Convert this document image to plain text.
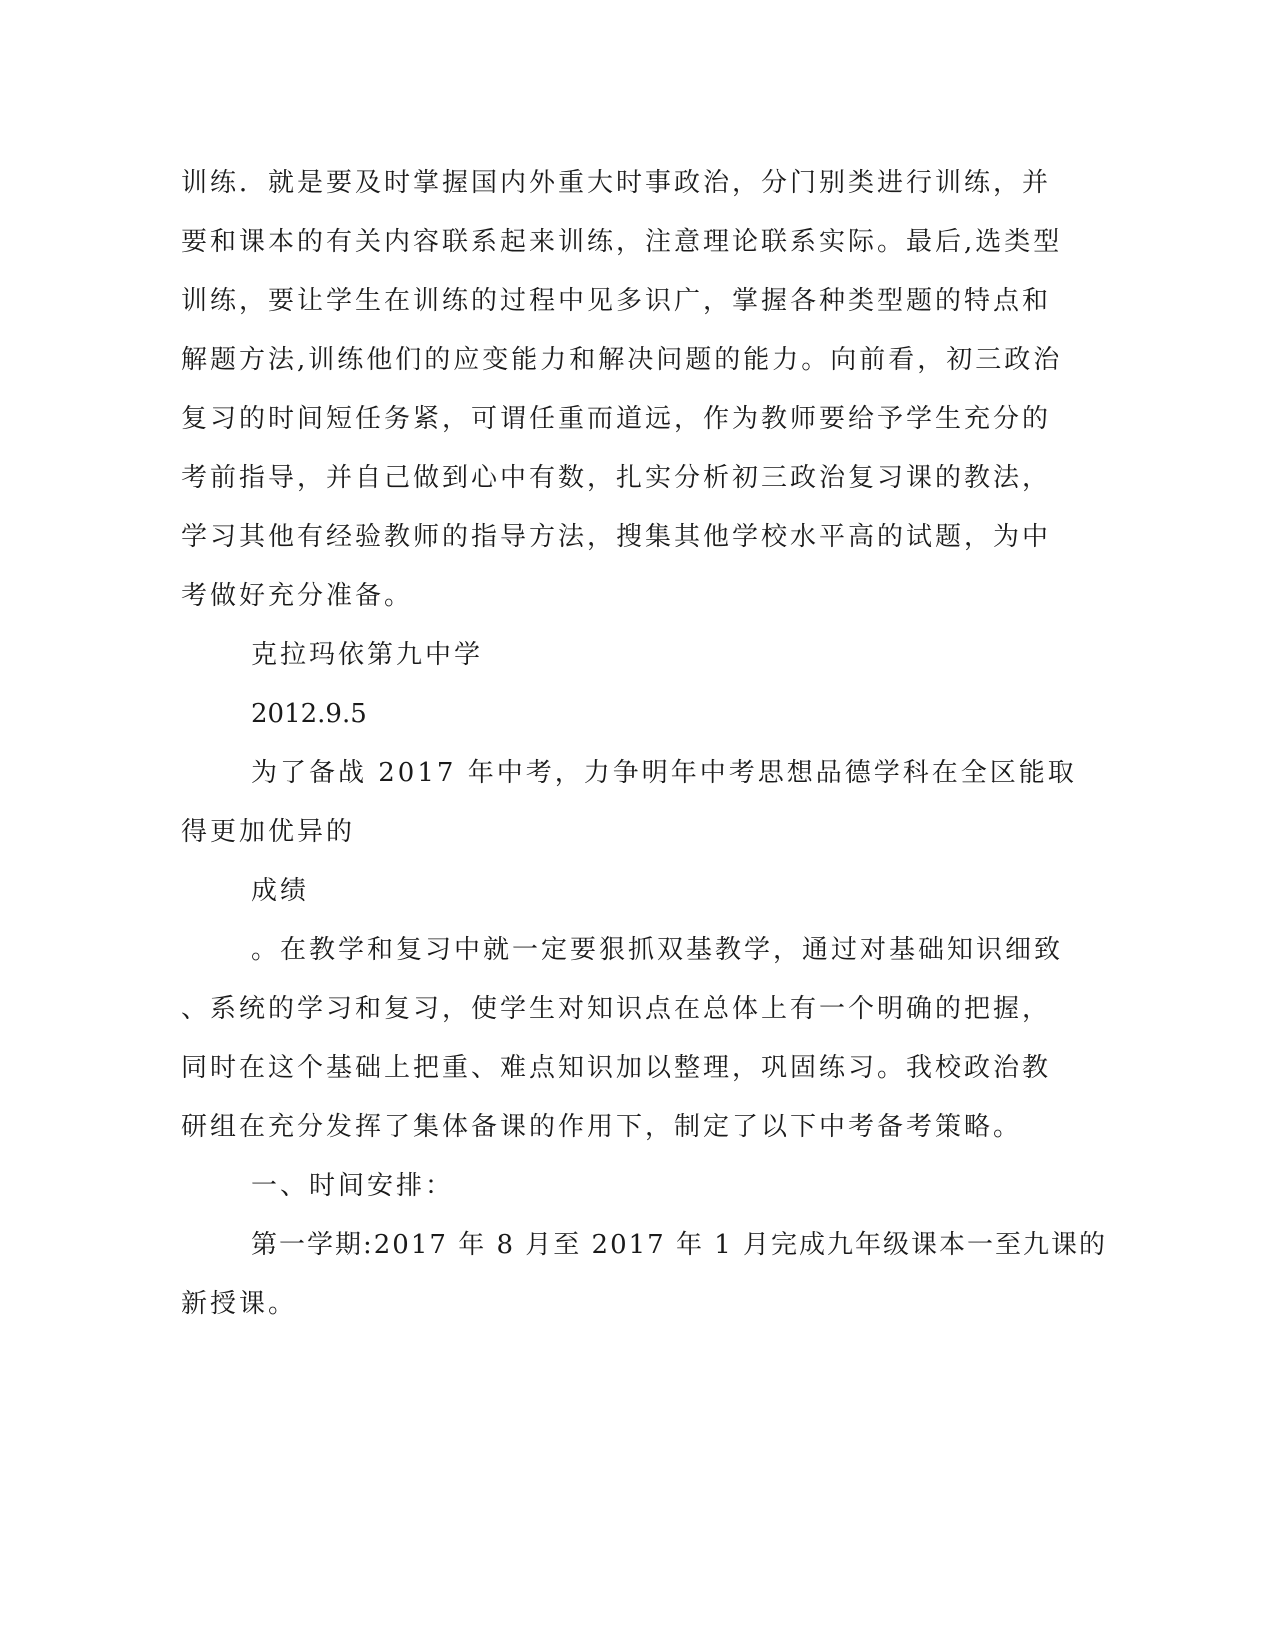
训练．就是要及时掌握国内外重大时事政治，分门别类进行训练，并
要和课本的有关内容联系起来训练，注意理论联系实际。最后,选类型
训练，要让学生在训练的过程中见多识广，掌握各种类型题的特点和
解题方法,训练他们的应变能力和解决问题的能力。向前看，初三政治
复习的时间短任务紧，可谓任重而道远，作为教师要给予学生充分的
考前指导，并自己做到心中有数，扎实分析初三政治复习课的教法，
学习其他有经验教师的指导方法，搜集其他学校水平高的试题，为中
考做好充分准备。
克拉玛依第九中学
2012.9.5
为了备战 2017 年中考，力争明年中考思想品德学科在全区能取
得更加优异的
成绩
。在教学和复习中就一定要狠抓双基教学，通过对基础知识细致
、系统的学习和复习，使学生对知识点在总体上有一个明确的把握，
同时在这个基础上把重、难点知识加以整理，巩固练习。我校政治教
研组在充分发挥了集体备课的作用下，制定了以下中考备考策略。
一、时间安排：
第一学期:2017 年 8 月至 2017 年 1 月完成九年级课本一至九课的
新授课。
